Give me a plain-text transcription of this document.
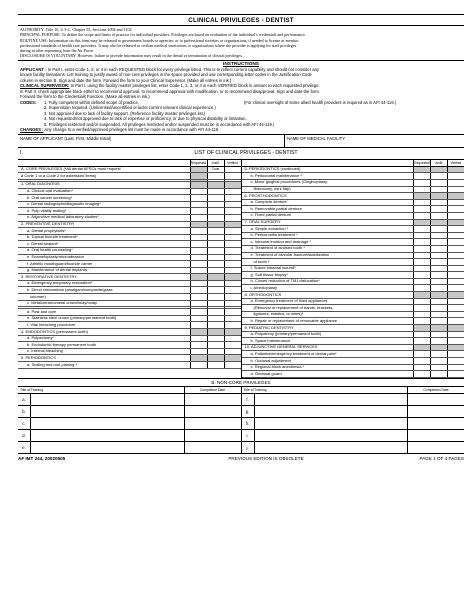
CLINICAL PRIVILEGES - DENTIST
AUTHORITY: Title 10, U.S.C. Chapter 55, Sections 1094 and 1102.
PRINCIPAL PURPOSE: To define the scope and limits of practice for individual providers. Privileges are based on evaluation of the individual's credentials and performance.
ROUTINE USE: Information on this form may be released to government boards or agencies, or to professional societies or organizations, if needed to license or monitor
professional standards of health care providers. It may also be released to civilian medical institutions or organizations where the provider is applying for staff privileges
during or after separating from the Air Force.
DISCLOSURE IS VOLUNTARY: However, failure to provide information may result in the denial or termination of clinical privileges.
INSTRUCTIONS
APPLICANT : In Part I, enter Code 1, 2, or 4 in each REQUESTED block for every privilege listed. This is to reflect current capability and should not consider any
known facility limitations. List training to justify award of non-core privileges in the space provided and use corresponding letter codes in the Justification Code
column in section B. Sign and date the form. Forward the form to your Clinical Supervisor. (Make all entries in ink.)
CLINICAL SUPERVISOR: In Part I, using the facility master privileges list, enter Code 1, 2, 3, or 4 in each VERIFIED block in answer to each requested privilege.
In Part II, check appropriate block either to recommend approval, to recommend approval with modification, or to recommend disapproval. Sign and date the form.
Forward the form to the Credentials Function. (Make all entries in ink.)
CODES:	1. Fully competent within defined scope of practice.	(For clinical oversight of some allied health providers is required as in AFI 44-119.)
2. Supervision required. (Unlicensed/uncertified or lacks current relevant clinical experience.)
3. Not approved due to lack of facility support. (Reference facility master privileges list.)
4. Not requested/not approved due to lack of expertise or proficiency, or due to physical disability or limitation.
5. Privileges restricted and/or suspended. All privileges restricted and/or suspended must be in accordance with AFI 44-119.)
CHANGES : Any change to a verified/approved privileges list must be made in accordance with AFI 44-119.
NAME OF APPLICANT (Last, First, Middle Initial)	NAME OF MEDICAL FACILITY
I.	LIST OF CLINICAL PRIVILEGES - DENTIST
Requested	Justif. Code
Verified
A. CORE PRIVILEGES (*All dental AFSCs must request
a Code 1 or a Code 2 for asterisked items)
1. ORAL DIAGNOSIS
a. Clinical oral evaluation*
b. Oral cancer screening*
c. Dental radiographs/diagnostic imaging*
d. Pulp vitality testing*
e. Adjunctive medical laboratory studies*
2. PREVENTIVE DENTISTRY
a. Dental prophylaxis*
b. Topical fluoride treatment*
c. Dental sealant*
d. Oral health counseling*
e. Enameloplasty/microabrasion
f. Athletic mouthguard/fluoride carrier
g. Maintenance of dental implants
3. RESTORATIVE DENTISTRY
a. Emergency temporary restoration*
b. Direct restorations (amalgam/composite/glass
ionomer)
c. Metal/ceramometal crown/inlay/onlay
d. Post and core
e. Stainless steel crown (primary/permanent tooth)
f. Vital bleaching procedure
4. ENDODONTICS (permanent tooth)
a. Pulpectomy*
b. Endodontic therapy permanent tooth
c. Internal bleaching
5. PERIODONTICS
a. Scaling and root planing *
Requested	Justif.	Verified
5. PERIODONTICS (continued)
b. Periodontal maintenance *
c. Minor gingival procedures (Gingivoplasty,
fiberotomy, mini-flap)
6. PROSTHODONTICS
a. Complete denture
b. Removable partial denture
c. Fixed partial denture
7. ORAL SURGERY
a. Simple extraction *
b. Pericoronitis treatment *
c. Intraoral incision and drainage *
d. Treatment of avulsed tooth *
e. Treatment of alveolar fracture/stabilization
of tooth *
f. Suture intraoral wound*
g. Soft tissue biopsy*
h. Closed reduction of TMJ dislocation*
i. Alveoloplasty
8. ORTHODONTICS
a. Emergency treatment of fixed appliances
(Removal or replacement of bands, brackets,
ligatures, elastics, or wires)*
b. Repair or replacement of removable appliance
9. PEDIATRIC DENTISTRY
a. Pulpotomy (primary/permanent tooth)
b. Space maintenance
10. ADJUNCTIVE GENERAL SERVICES
a. Palliative/emergency treatment of dental pain*
b. Occlusal adjustment
c. Regional block anesthesia *
d. Occlusal guard
B. NON-CORE PRIVILEGES
Title of Training	Completion Date
a.
b.
c.
d.
e.
Title of Training	Completion Date
f.
g.
h.
i.
j.
AF IMT 244, 20020505	PREVIOUS EDITION IS OBSOLETE	PAGE 1 OF 4 PAGES
